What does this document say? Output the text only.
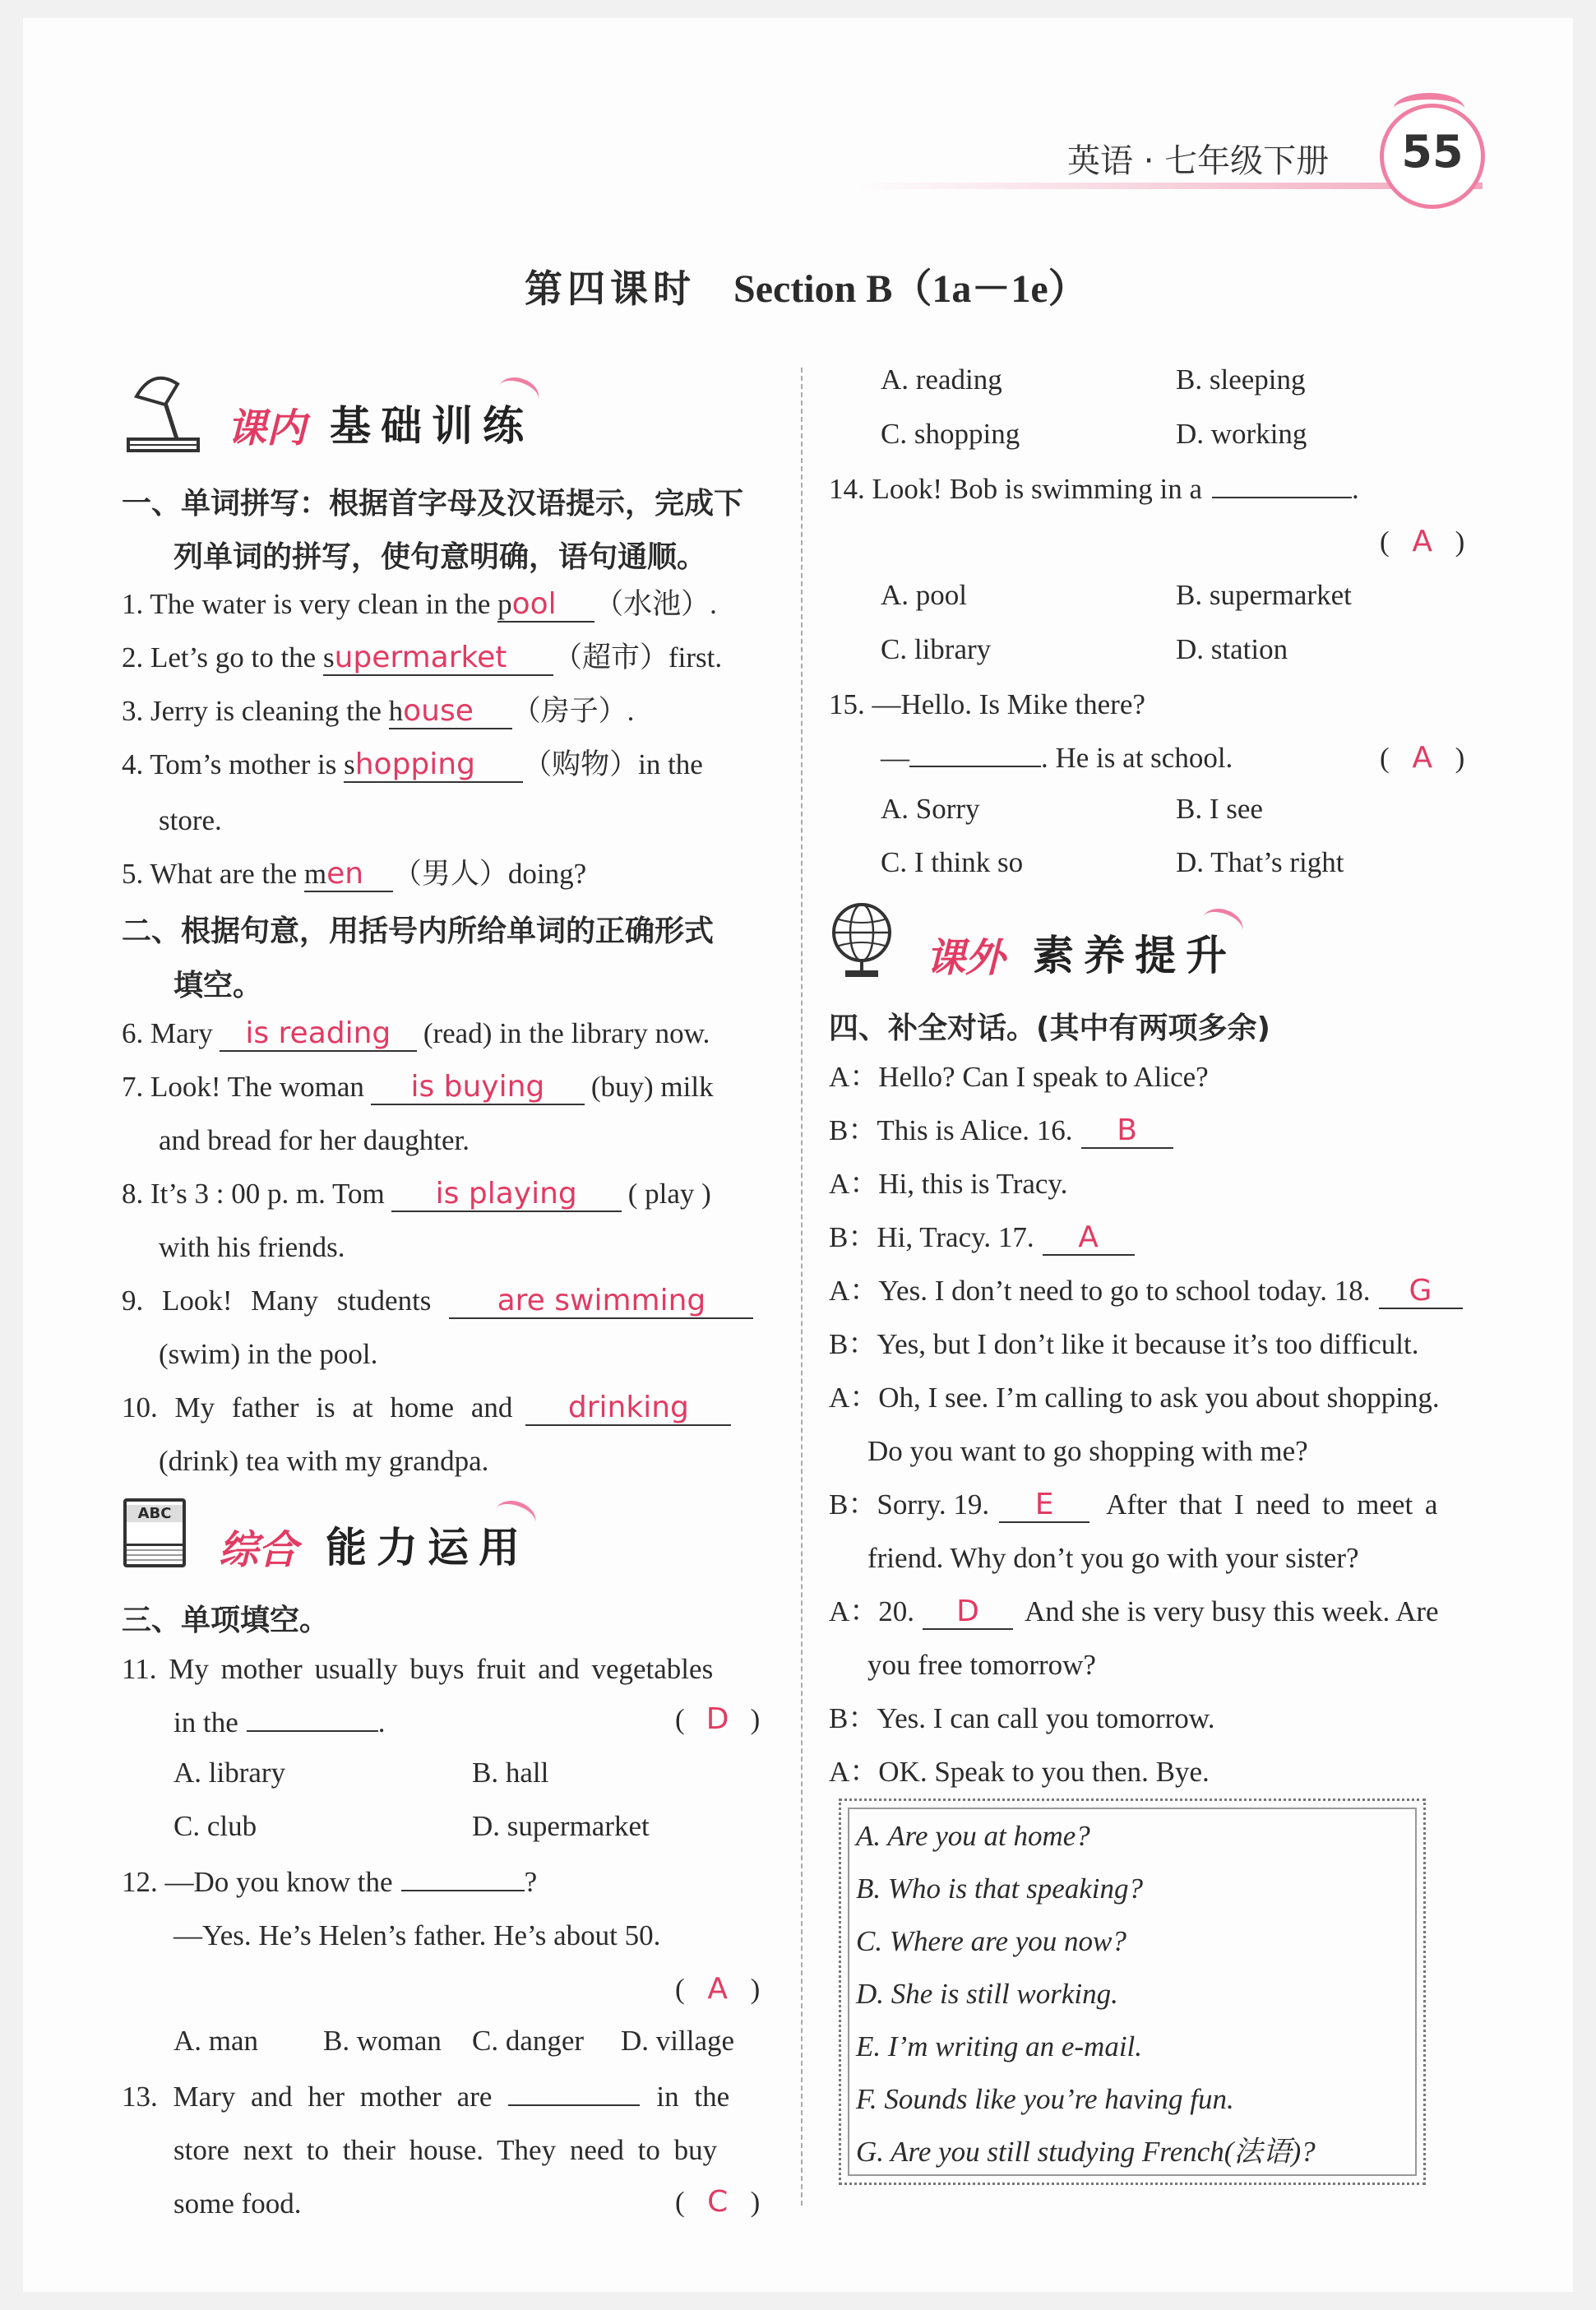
英语 · 七年级下册	55
第四课时 Section B（1a－1e）
课内 基础训练
一、单词拼写：根据首字母及汉语提示，完成下
列单词的拼写，使句意明确，语句通顺。
1. The water is very clean in the pool （水池）.
2. Let’s go to the supermarket （超市）first.
3. Jerry is cleaning the house （房子）.
4. Tom’s mother is shopping （购物）in the
store.
5. What are the men （男人）doing?
二、根据句意，用括号内所给单词的正确形式
填空。
6. Mary is reading (read) in the library now.
7. Look! The woman is buying (buy) milk
and bread for her daughter.
8. It’s 3 : 00 p. m. Tom is playing ( play )
with his friends.
9. Look! Many students are swimming
(swim) in the pool.
10. My father is at home and drinking
(drink) tea with my grandpa.
ABC
综合 能力运用
三、单项填空。
11. My mother usually buys fruit and vegetables
in the	.	( D )
A. library	B. hall
C. club	D. supermarket
12. —Do you know the	?
—Yes. He’s Helen’s father. He’s about 50.
( A )
A. man B. woman C. danger D. village
13. Mary and her mother are	in the
store next to their house. They need to buy
some food.	( C )
A. reading	B. sleeping
C. shopping	D. working
14. Look! Bob is swimming in a	.
( A )
A. pool	B. supermarket
C. library	D. station
15. —Hello. Is Mike there?
—	. He is at school.	( A )
A. Sorry	B. I see
C. I think so	D. That’s right
课外 素养提升
四、补全对话。(其中有两项多余)
A：Hello? Can I speak to Alice?
B：This is Alice. 16. B
A：Hi, this is Tracy.
B：Hi, Tracy. 17. A
A：Yes. I don’t need to go to school today. 18. G
B：Yes, but I don’t like it because it’s too difficult.
A：Oh, I see. I’m calling to ask you about shopping.
Do you want to go shopping with me?
B：Sorry. 19. E After that I need to meet a
friend. Why don’t you go with your sister?
A：20. D And she is very busy this week. Are
you free tomorrow?
B：Yes. I can call you tomorrow.
A：OK. Speak to you then. Bye.
A. Are you at home?
B. Who is that speaking?
C. Where are you now?
D. She is still working.
E. I’m writing an e-mail.
F. Sounds like you’re having fun.
G. Are you still studying French(法语)?
